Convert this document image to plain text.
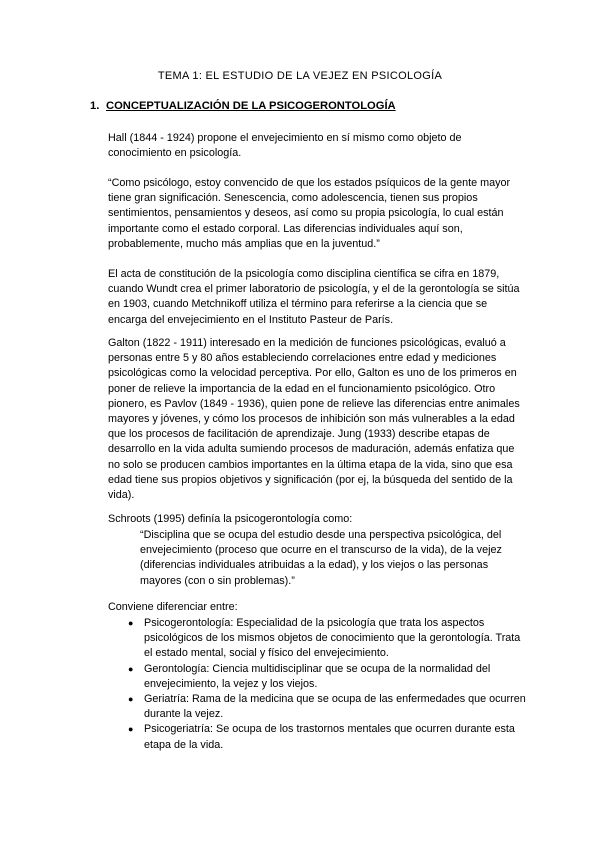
TEMA 1: EL ESTUDIO DE LA VEJEZ EN PSICOLOGÍA
1. CONCEPTUALIZACIÓN DE LA PSICOGERONTOLOGÍA

Hall (1844 - 1924) propone el envejecimiento en sí mismo como objeto de conocimiento en psicología.

“Como psicólogo, estoy convencido de que los estados psíquicos de la gente mayor tiene gran significación. Senescencia, como adolescencia, tienen sus propios sentimientos, pensamientos y deseos, así como su propia psicología, lo cual están importante como el estado corporal. Las diferencias individuales aquí son, probablemente, mucho más amplias que en la juventud.”

El acta de constitución de la psicología como disciplina científica se cifra en 1879, cuando Wundt crea el primer laboratorio de psicología, y el de la gerontología se sitúa en 1903, cuando Metchnikoff utiliza el término para referirse a la ciencia que se encarga del envejecimiento en el Instituto Pasteur de París.

Galton (1822 - 1911) interesado en la medición de funciones psicológicas, evaluó a personas entre 5 y 80 años estableciendo correlaciones entre edad y mediciones psicológicas como la velocidad perceptiva. Por ello, Galton es uno de los primeros en poner de relieve la importancia de la edad en el funcionamiento psicológico. Otro pionero, es Pavlov (1849 - 1936), quien pone de relieve las diferencias entre animales mayores y jóvenes, y cómo los procesos de inhibición son más vulnerables a la edad que los procesos de facilitación de aprendizaje. Jung (1933) describe etapas de desarrollo en la vida adulta sumiendo procesos de maduración, además enfatiza que no solo se producen cambios importantes en la última etapa de la vida, sino que esa edad tiene sus propios objetivos y significación (por ej, la búsqueda del sentido de la vida).

Schroots (1995) definía la psicogerontología como:

“Disciplina que se ocupa del estudio desde una perspectiva psicológica, del envejecimiento (proceso que ocurre en el transcurso de la vida), de la vejez (diferencias individuales atribuidas a la edad), y los viejos o las personas mayores (con o sin problemas).”

Conviene diferenciar entre:

● Psicogerontología: Especialidad de la psicología que trata los aspectos psicológicos de los mismos objetos de conocimiento que la gerontología. Trata el estado mental, social y físico del envejecimiento.
● Gerontología: Ciencia multidisciplinar que se ocupa de la normalidad del envejecimiento, la vejez y los viejos.
● Geriatría: Rama de la medicina que se ocupa de las enfermedades que ocurren durante la vejez.
● Psicogeriatría: Se ocupa de los trastornos mentales que ocurren durante esta etapa de la vida.
